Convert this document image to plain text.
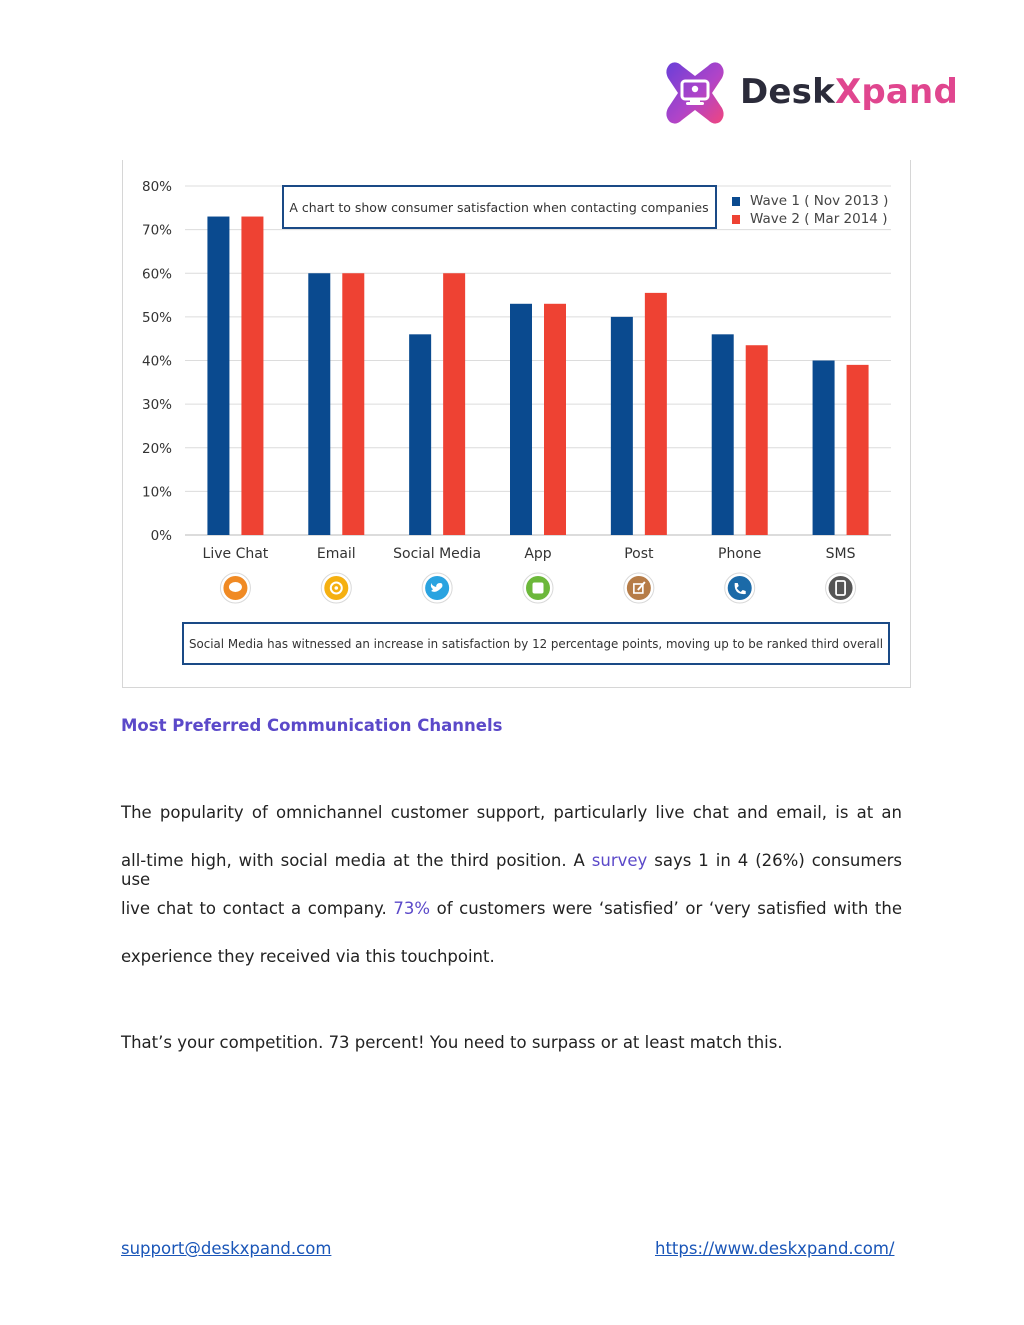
DeskXpand
0%
10%
20%
30%
40%
50%
60%
70%
80%
Live Chat	Email	Social Media	App	Post	Phone	SMS
A chart to show consumer satisfaction when contacting companies	Wave 1 ( Nov 2013 )
Wave 2 ( Mar 2014 )
Social Media has witnessed an increase in satisfaction by 12 percentage points, moving up to be ranked third overall
Most Preferred Communication Channels
The popularity of omnichannel customer support, particularly live chat and email, is at an
all-time high, with social media at the third position. A survey says 1 in 4 (26%) consumers use
live chat to contact a company. 73% of customers were ‘satisfied’ or ‘very satisfied with the
experience they received via this touchpoint.
That’s your competition. 73 percent! You need to surpass or at least match this.
support@deskxpand.com	https://www.deskxpand.com/
